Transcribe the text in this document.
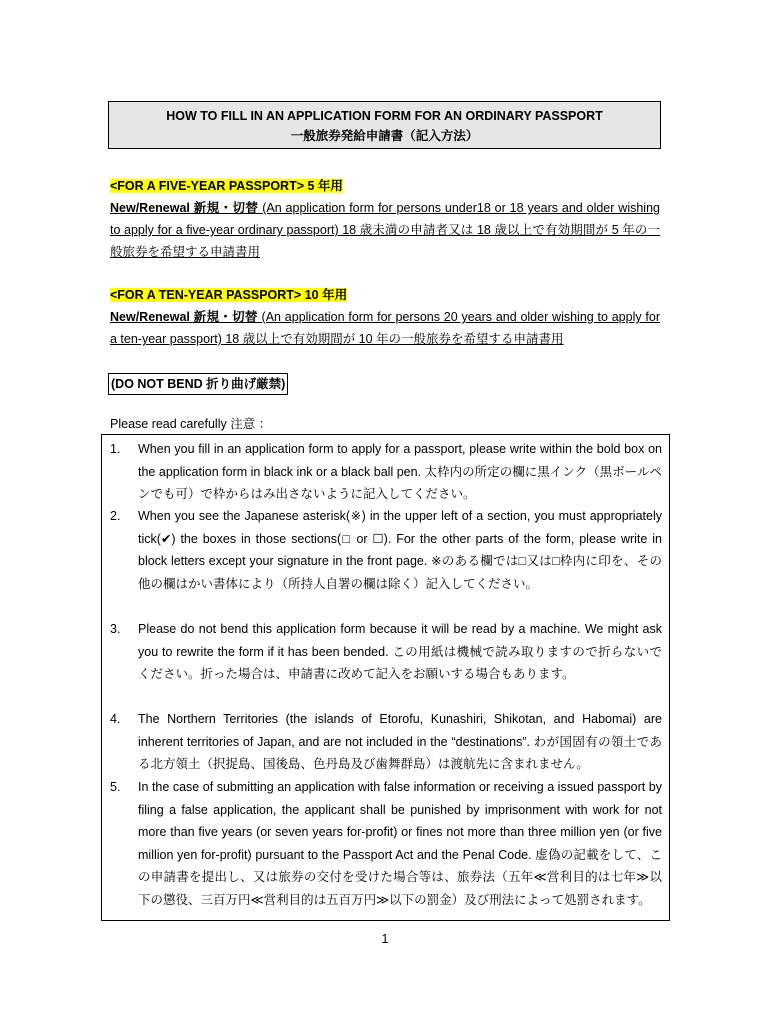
HOW TO FILL IN AN APPLICATION FORM FOR AN ORDINARY PASSPORT
一般旅券発給申請書（記入方法）
<FOR A FIVE-YEAR PASSPORT> 5 年用
New/Renewal 新規・切替 (An application form for persons under18 or 18 years and older wishing to apply for a five-year ordinary passport) 18 歳未満の申請者又は 18 歳以上で有効期間が 5 年の一般旅券を希望する申請書用
<FOR A TEN-YEAR PASSPORT> 10 年用
New/Renewal 新規・切替 (An application form for persons 20 years and older wishing to apply for a ten-year passport) 18 歳以上で有効期間が 10 年の一般旅券を希望する申請書用
(DO NOT BEND 折り曲げ厳禁)
Please read carefully 注意 ：
1.	When you fill in an application form to apply for a passport, please write within the bold box on the application form in black ink or a black ball pen. 太枠内の所定の欄に黒インク（黒ボールペンでも可）で枠からはみ出さないように記入してください。
2.	When you see the Japanese asterisk(※) in the upper left of a section, you must appropriately tick(✔) the boxes in those sections(□ or ☐). For the other parts of the form, please write in block letters except your signature in the front page. ※のある欄では□又は□枠内に印を、その他の欄はかい書体により（所持人自署の欄は除く）記入してください。
3.	Please do not bend this application form because it will be read by a machine. We might ask you to rewrite the form if it has been bended. この用紙は機械で読み取りますので折らないでください。折った場合は、申請書に改めて記入をお願いする場合もあります。
4.	The Northern Territories (the islands of Etorofu, Kunashiri, Shikotan, and Habomai) are inherent territories of Japan, and are not included in the “destinations”. わが国固有の領土である北方領土（択捉島、国後島、色丹島及び歯舞群島）は渡航先に含まれません。
5.	In the case of submitting an application with false information or receiving a issued passport by filing a false application, the applicant shall be punished by imprisonment with work for not more than five years (or seven years for-profit) or fines not more than three million yen (or five million yen for-profit) pursuant to the Passport Act and the Penal Code. 虚偽の記載をして、この申請書を提出し、又は旅券の交付を受けた場合等は、旅券法（五年≪営利目的は七年≫以下の懲役、三百万円≪営利目的は五百万円≫以下の罰金）及び刑法によって処罰されます。
1
